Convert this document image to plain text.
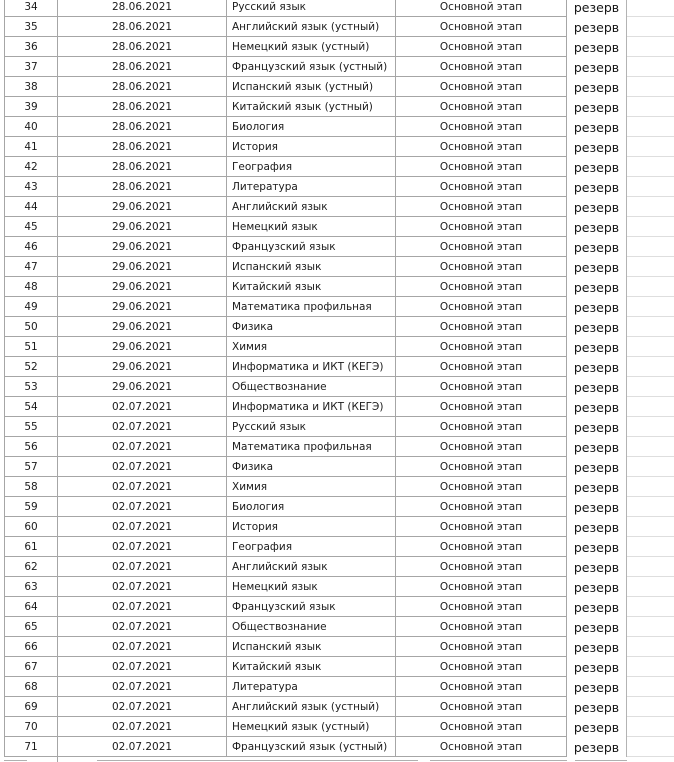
34	28.06.2021	Русский язык	Основной этап	резерв
35	28.06.2021	Английский язык (устный)	Основной этап	резерв
36	28.06.2021	Немецкий язык (устный)	Основной этап	резерв
37	28.06.2021	Французский язык (устный)	Основной этап	резерв
38	28.06.2021	Испанский язык (устный)	Основной этап	резерв
39	28.06.2021	Китайский язык (устный)	Основной этап	резерв
40	28.06.2021	Биология	Основной этап	резерв
41	28.06.2021	История	Основной этап	резерв
42	28.06.2021	География	Основной этап	резерв
43	28.06.2021	Литература	Основной этап	резерв
44	29.06.2021	Английский язык	Основной этап	резерв
45	29.06.2021	Немецкий язык	Основной этап	резерв
46	29.06.2021	Французский язык	Основной этап	резерв
47	29.06.2021	Испанский язык	Основной этап	резерв
48	29.06.2021	Китайский язык	Основной этап	резерв
49	29.06.2021	Математика профильная	Основной этап	резерв
50	29.06.2021	Физика	Основной этап	резерв
51	29.06.2021	Химия	Основной этап	резерв
52	29.06.2021	Информатика и ИКТ (КЕГЭ)	Основной этап	резерв
53	29.06.2021	Обществознание	Основной этап	резерв
54	02.07.2021	Информатика и ИКТ (КЕГЭ)	Основной этап	резерв
55	02.07.2021	Русский язык	Основной этап	резерв
56	02.07.2021	Математика профильная	Основной этап	резерв
57	02.07.2021	Физика	Основной этап	резерв
58	02.07.2021	Химия	Основной этап	резерв
59	02.07.2021	Биология	Основной этап	резерв
60	02.07.2021	История	Основной этап	резерв
61	02.07.2021	География	Основной этап	резерв
62	02.07.2021	Английский язык	Основной этап	резерв
63	02.07.2021	Немецкий язык	Основной этап	резерв
64	02.07.2021	Французский язык	Основной этап	резерв
65	02.07.2021	Обществознание	Основной этап	резерв
66	02.07.2021	Испанский язык	Основной этап	резерв
67	02.07.2021	Китайский язык	Основной этап	резерв
68	02.07.2021	Литература	Основной этап	резерв
69	02.07.2021	Английский язык (устный)	Основной этап	резерв
70	02.07.2021	Немецкий язык (устный)	Основной этап	резерв
71	02.07.2021	Французский язык (устный)	Основной этап	резерв
